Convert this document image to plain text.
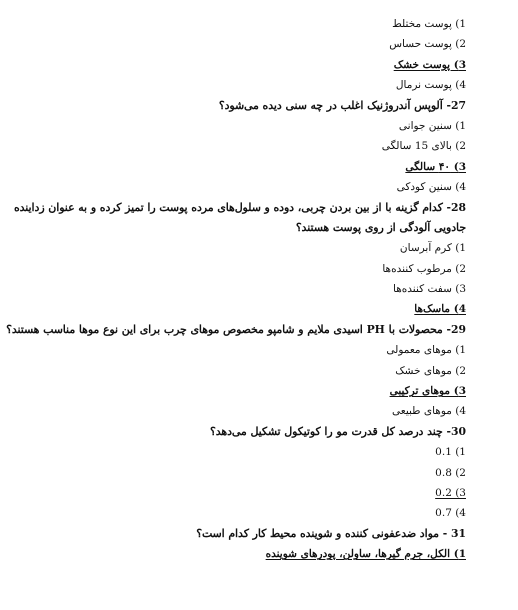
1) پوست مختلط
2) پوست حساس
3) پوست خشک
4) پوست نرمال
27- آلوپس آندروژنیک اغلب در چه سنی دیده می‌شود؟
1) سنین جوانی
2) بالای 15 سالگی
3) ۴۰ سالگی
4) سنین کودکی
28- کدام گزینه با از بین بردن چربی، دوده و سلول‌های مرده پوست را تمیز کرده و به عنوان زداینده
جادویی آلودگی از روی پوست هستند؟
1) کرم آبرسان
2) مرطوب کننده‌ها
3) سفت کننده‌ها
4) ماسک‌ها
29- محصولات با PH اسیدی ملایم و شامپو مخصوص موهای چرب برای این نوع موها مناسب هستند؟
1) موهای معمولی
2) موهای خشک
3) موهای ترکیبی
4) موهای طبیعی
30- چند درصد کل قدرت مو را کوتیکول تشکیل می‌دهد؟
0.1 (1
0.8 (2
0.2 (3
0.7 (4
31 - مواد ضدعفونی کننده و شوینده محیط کار کدام است؟
1) الکل، جرم گیرها، ساولن، پودرهای شوینده
